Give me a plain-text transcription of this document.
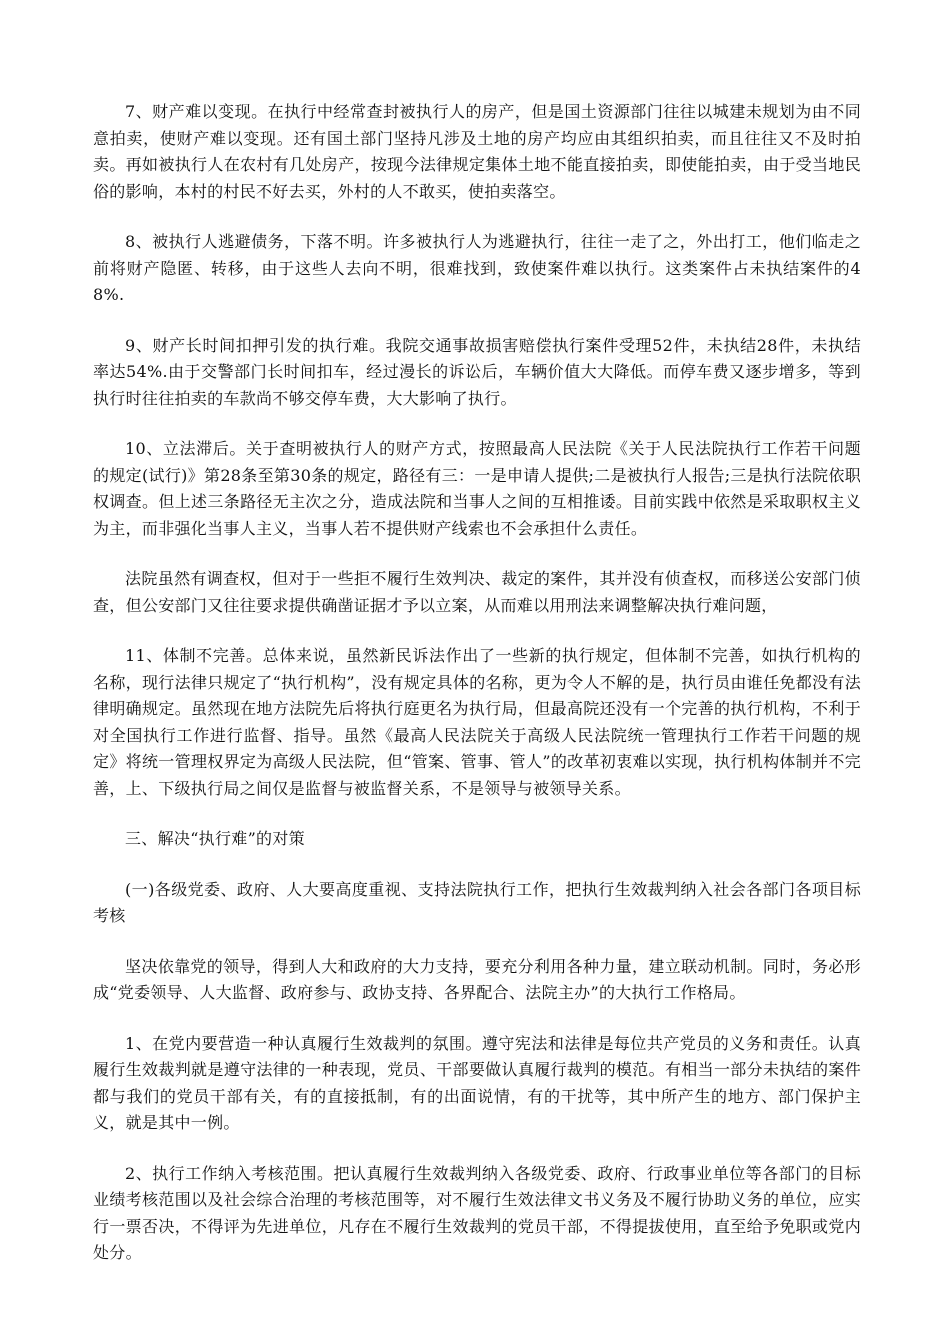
7、财产难以变现。在执行中经常查封被执行人的房产，但是国土资源部门往往以城建未规划为由不同意拍卖，使财产难以变现。还有国土部门坚持凡涉及土地的房产均应由其组织拍卖，而且往往又不及时拍卖。再如被执行人在农村有几处房产，按现今法律规定集体土地不能直接拍卖，即使能拍卖，由于受当地民俗的影响，本村的村民不好去买，外村的人不敢买，使拍卖落空。

8、被执行人逃避债务，下落不明。许多被执行人为逃避执行，往往一走了之，外出打工，他们临走之前将财产隐匿、转移，由于这些人去向不明，很难找到，致使案件难以执行。这类案件占未执结案件的48%.

9、财产长时间扣押引发的执行难。我院交通事故损害赔偿执行案件受理52件，未执结28件，未执结率达54%.由于交警部门长时间扣车，经过漫长的诉讼后，车辆价值大大降低。而停车费又逐步增多，等到执行时往往拍卖的车款尚不够交停车费，大大影响了执行。

10、立法滞后。关于查明被执行人的财产方式，按照最高人民法院《关于人民法院执行工作若干问题的规定(试行)》第28条至第30条的规定，路径有三：一是申请人提供;二是被执行人报告;三是执行法院依职权调查。但上述三条路径无主次之分，造成法院和当事人之间的互相推诿。目前实践中依然是采取职权主义为主，而非强化当事人主义，当事人若不提供财产线索也不会承担什么责任。

法院虽然有调查权，但对于一些拒不履行生效判决、裁定的案件，其并没有侦查权，而移送公安部门侦查，但公安部门又往往要求提供确凿证据才予以立案，从而难以用刑法来调整解决执行难问题，

11、体制不完善。总体来说，虽然新民诉法作出了一些新的执行规定，但体制不完善，如执行机构的名称，现行法律只规定了“执行机构”，没有规定具体的名称，更为令人不解的是，执行员由谁任免都没有法律明确规定。虽然现在地方法院先后将执行庭更名为执行局，但最高院还没有一个完善的执行机构，不利于对全国执行工作进行监督、指导。虽然《最高人民法院关于高级人民法院统一管理执行工作若干问题的规定》将统一管理权界定为高级人民法院，但“管案、管事、管人”的改革初衷难以实现，执行机构体制并不完善，上、下级执行局之间仅是监督与被监督关系，不是领导与被领导关系。

三、解决“执行难”的对策

(一)各级党委、政府、人大要高度重视、支持法院执行工作，把执行生效裁判纳入社会各部门各项目标考核

坚决依靠党的领导，得到人大和政府的大力支持，要充分利用各种力量，建立联动机制。同时，务必形成“党委领导、人大监督、政府参与、政协支持、各界配合、法院主办”的大执行工作格局。

1、在党内要营造一种认真履行生效裁判的氛围。遵守宪法和法律是每位共产党员的义务和责任。认真履行生效裁判就是遵守法律的一种表现，党员、干部要做认真履行裁判的模范。有相当一部分未执结的案件都与我们的党员干部有关，有的直接抵制，有的出面说情，有的干扰等，其中所产生的地方、部门保护主义，就是其中一例。

2、执行工作纳入考核范围。把认真履行生效裁判纳入各级党委、政府、行政事业单位等各部门的目标业绩考核范围以及社会综合治理的考核范围等，对不履行生效法律文书义务及不履行协助义务的单位，应实行一票否决，不得评为先进单位，凡存在不履行生效裁判的党员干部，不得提拔使用，直至给予免职或党内处分。
